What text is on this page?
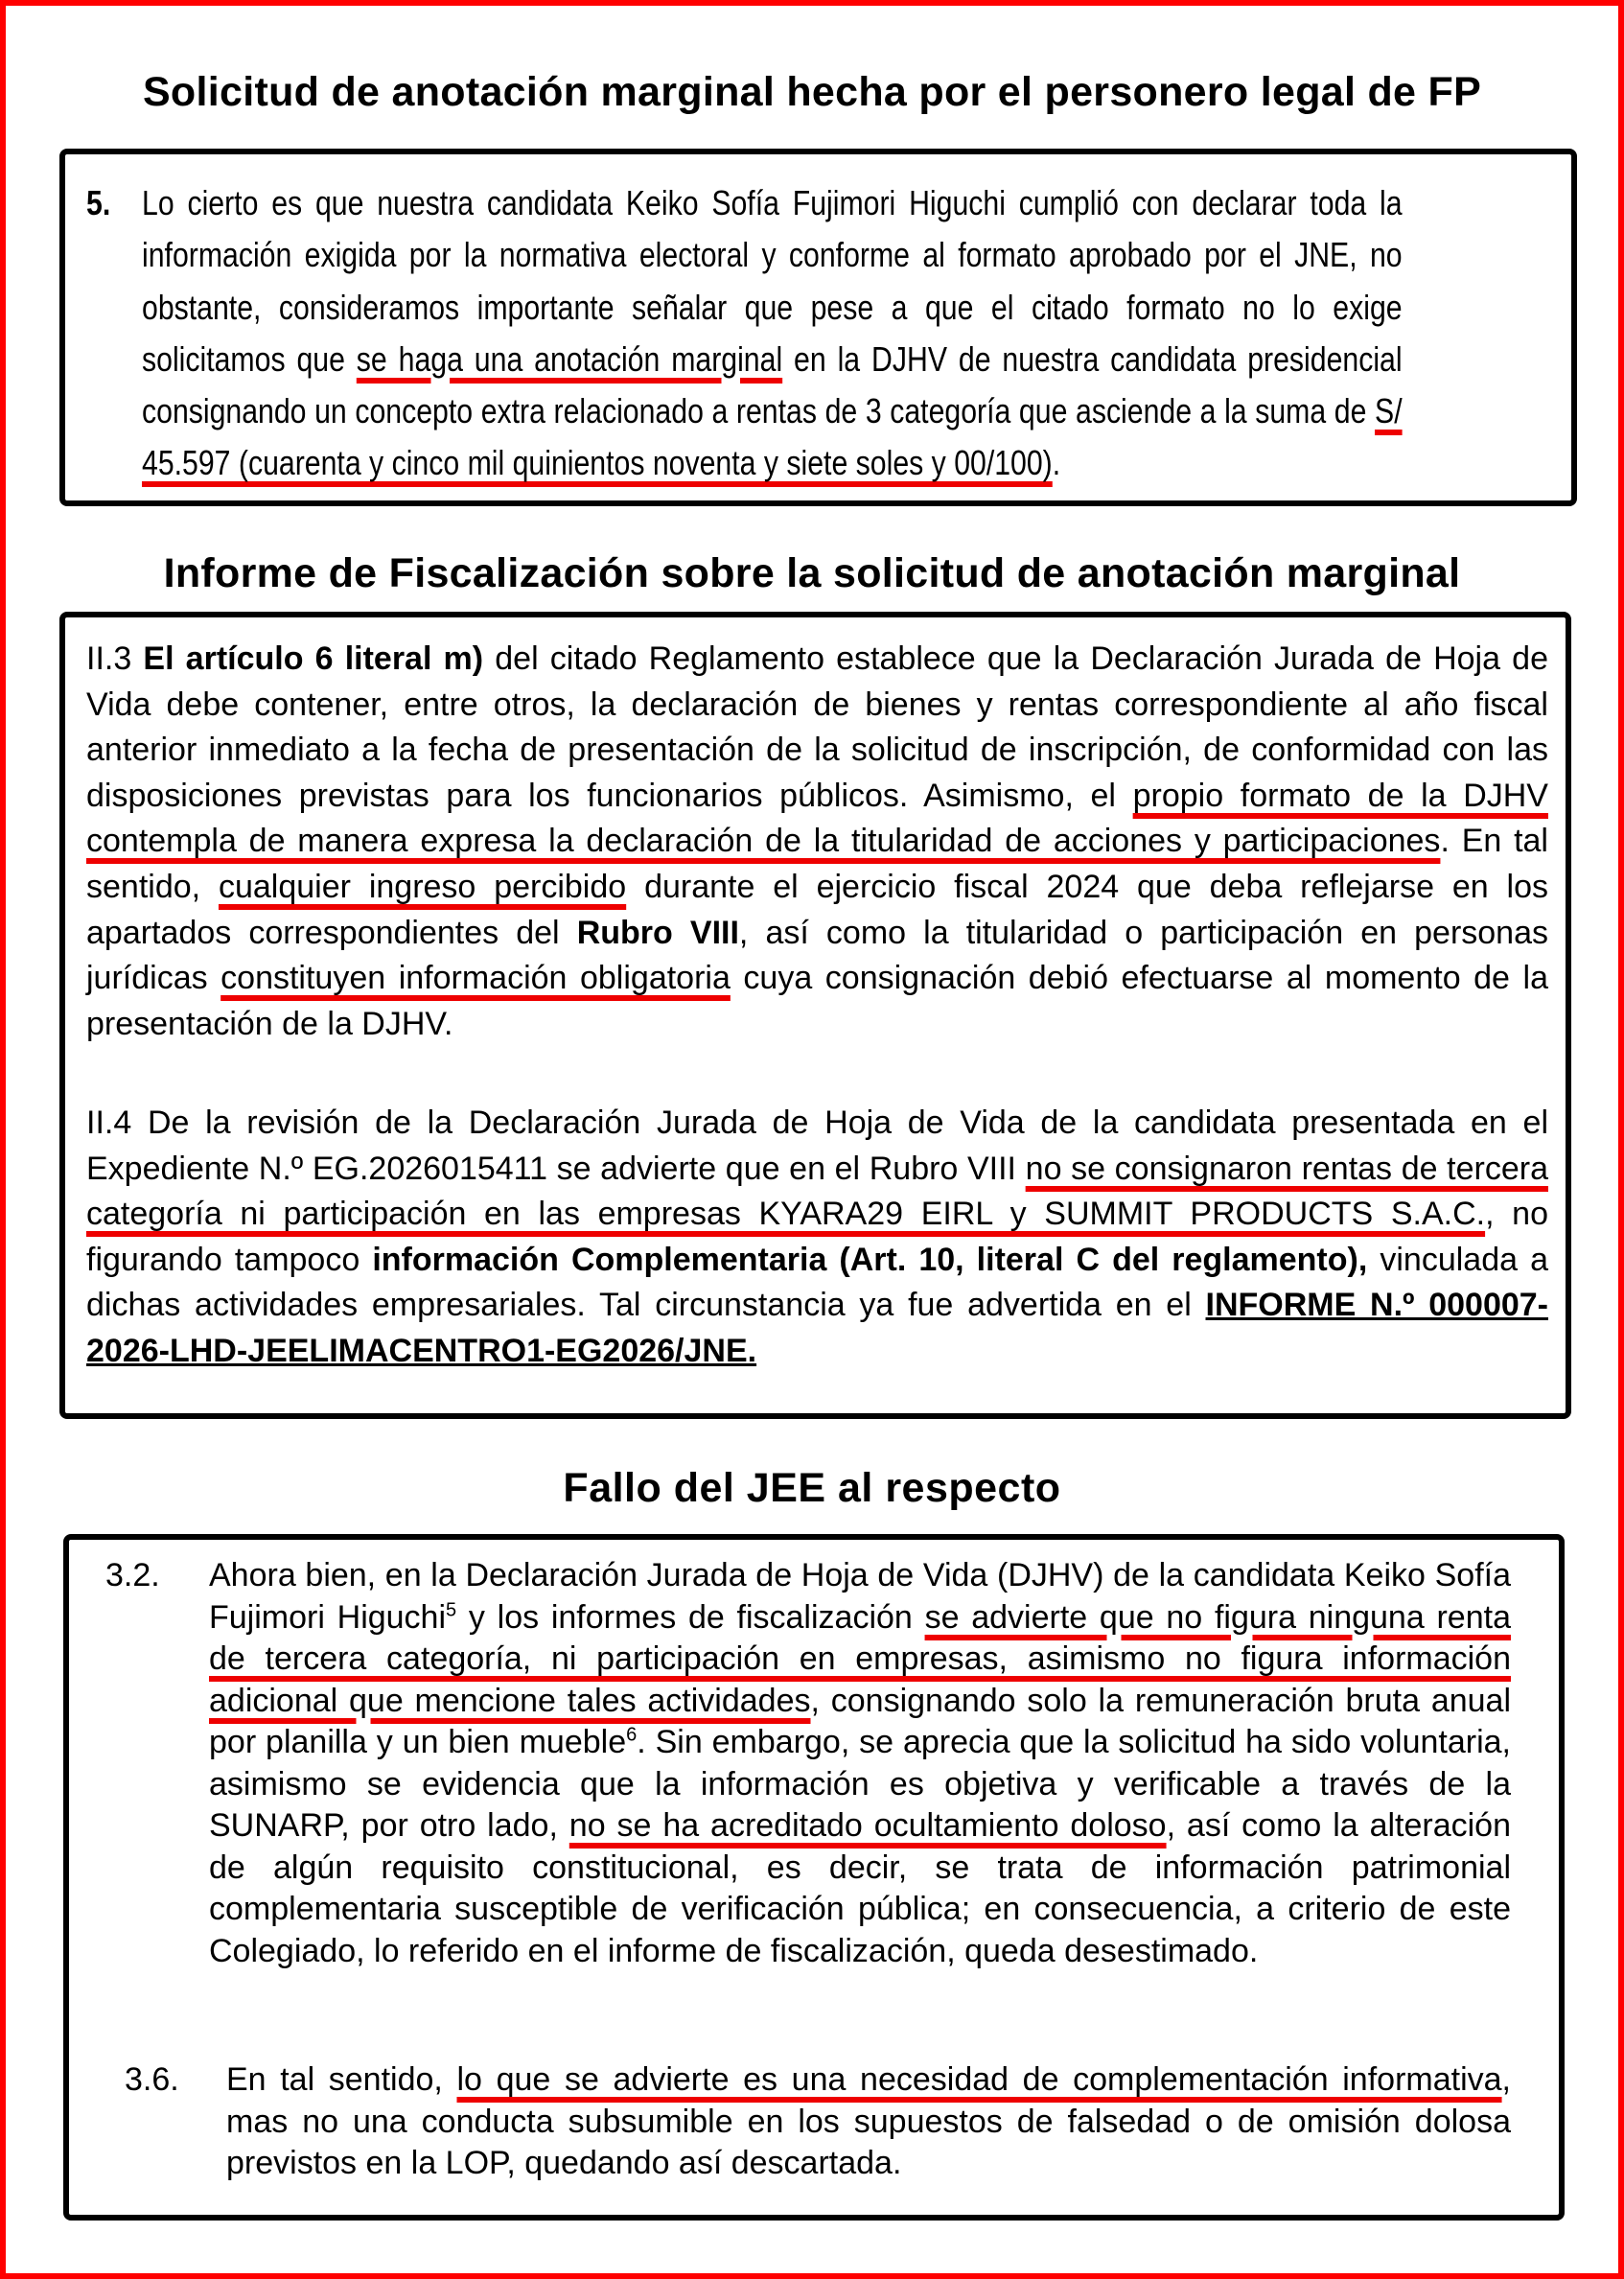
Solicitud de anotación marginal hecha por el personero legal de FP
5. Lo cierto es que nuestra candidata Keiko Sofía Fujimori Higuchi cumplió con declarar toda la información exigida por la normativa electoral y conforme al formato aprobado por el JNE, no obstante, consideramos importante señalar que pese a que el citado formato no lo exige solicitamos que se haga una anotación marginal en la DJHV de nuestra candidata presidencial consignando un concepto extra relacionado a rentas de 3 categoría que asciende a la suma de S/ 45.597 (cuarenta y cinco mil quinientos noventa y siete soles y 00/100).

Informe de Fiscalización sobre la solicitud de anotación marginal

II.3 El artículo 6 literal m) del citado Reglamento establece que la Declaración Jurada de Hoja de Vida debe contener, entre otros, la declaración de bienes y rentas correspondiente al año fiscal anterior inmediato a la fecha de presentación de la solicitud de inscripción, de conformidad con las disposiciones previstas para los funcionarios públicos. Asimismo, el propio formato de la DJHV contempla de manera expresa la declaración de la titularidad de acciones y participaciones. En tal sentido, cualquier ingreso percibido durante el ejercicio fiscal 2024 que deba reflejarse en los apartados correspondientes del Rubro VIII, así como la titularidad o participación en personas jurídicas constituyen información obligatoria cuya consignación debió efectuarse al momento de la presentación de la DJHV.

II.4 De la revisión de la Declaración Jurada de Hoja de Vida de la candidata presentada en el Expediente N.º EG.2026015411 se advierte que en el Rubro VIII no se consignaron rentas de tercera categoría ni participación en las empresas KYARA29 EIRL y SUMMIT PRODUCTS S.A.C., no figurando tampoco información Complementaria (Art. 10, literal C del reglamento), vinculada a dichas actividades empresariales. Tal circunstancia ya fue advertida en el INFORME N.º 000007-2026-LHD-JEELIMACENTRO1-EG2026/JNE.

Fallo del JEE al respecto
3.2. Ahora bien, en la Declaración Jurada de Hoja de Vida (DJHV) de la candidata Keiko Sofía Fujimori Higuchi$^5$ y los informes de fiscalización se advierte que no figura ninguna renta de tercera categoría, ni participación en empresas, asimismo no figura información adicional que mencione tales actividades, consignando solo la remuneración bruta anual por planilla y un bien mueble$^6$. Sin embargo, se aprecia que la solicitud ha sido voluntaria, asimismo se evidencia que la información es objetiva y verificable a través de la SUNARP, por otro lado, no se ha acreditado ocultamiento doloso, así como la alteración de algún requisito constitucional, es decir, se trata de información patrimonial complementaria susceptible de verificación pública; en consecuencia, a criterio de este Colegiado, lo referido en el informe de fiscalización, queda desestimado.

3.6. En tal sentido, lo que se advierte es una necesidad de complementación informativa, mas no una conducta subsumible en los supuestos de falsedad o de omisión dolosa previstos en la LOP, quedando así descartada.
